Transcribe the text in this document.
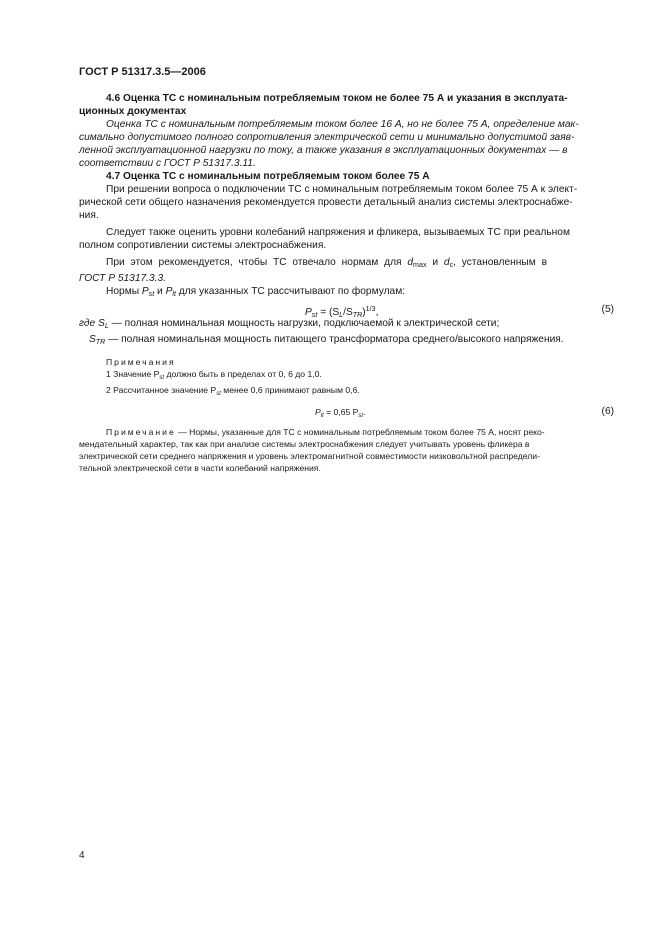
ГОСТ Р 51317.3.5—2006

4.6 Оценка ТС с номинальным потребляемым током не более 75 А и указания в эксплуата-

ционных документах

Оценка ТС с номинальным потребляемым током более 16 А, но не более 75 А, определение мак-

симально допустимого полного сопротивления электрической сети и минимально допустимой заяв-

ленной эксплуатационной нагрузки по току, а также указания в эксплуатационных документах — в

соответствии с ГОСТ Р 51317.3.11.

4.7 Оценка ТС с номинальным потребляемым током более 75 А

При решении вопроса о подключении ТС с номинальным потребляемым током более 75 А к элект-

рической сети общего назначения рекомендуется провести детальный анализ системы электроснабже-

ния.

Следует также оценить уровни колебаний напряжения и фликера, вызываемых ТС при реальном

полном сопротивлении системы электроснабжения.

При этом рекомендуется, чтобы ТС отвечало нормам для $d_{max}$ и $d_c$, установленным в

ГОСТ Р 51317.3.3.

Нормы $P_{st}$ и $P_{lt}$ для указанных ТС рассчитывают по формулам:

$P_{st} = (S_L/S_{TR})^{1/3}$,	(5)

где $S_L$ — полная номинальная мощность нагрузки, подключаемой к электрической сети;

$S_{TR}$ — полная номинальная мощность питающего трансформатора среднего/высокого напряжения.

Примечания

1 Значение $P_{st}$ должно быть в пределах от 0, 6 до 1,0.

2 Рассчитанное значение $P_{st}$ менее 0,6 принимают равным 0,6.

$P_{lt} = 0,65$ $P_{st}$.	(6)

Примечание — Нормы, указанные для ТС с номинальным потребляемым током более 75 А, носят реко-

мендательный характер, так как при анализе системы электроснабжения следует учитывать уровень фликера в

электрической сети среднего напряжения и уровень электромагнитной совместимости низковольтной распредели-

тельной электрической сети в части колебаний напряжения.

4
